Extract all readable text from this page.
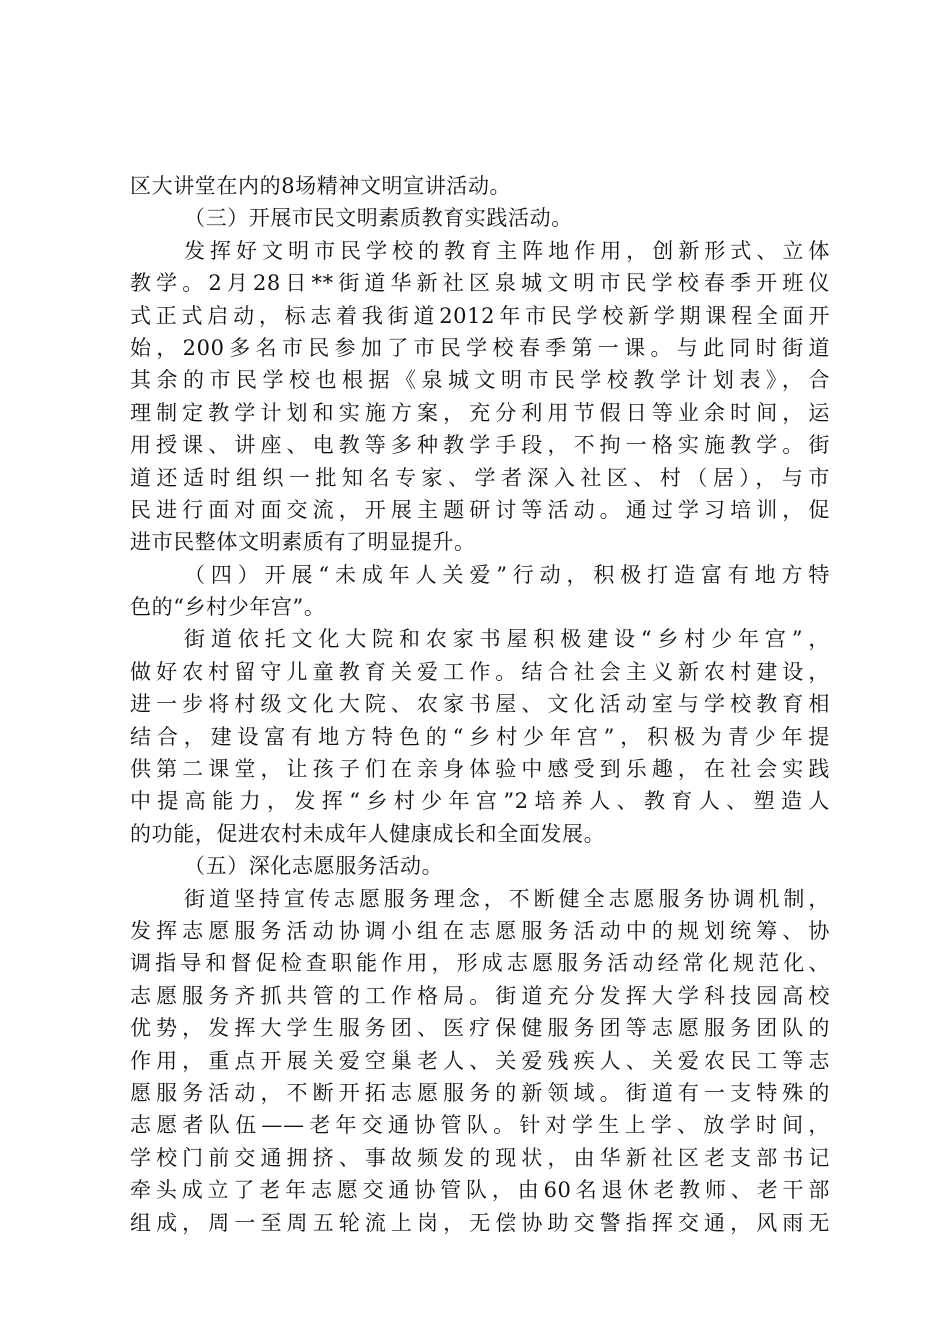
区大讲堂在内的8场精神文明宣讲活动。
（三）开展市民文明素质教育实践活动。
发挥好文明市民学校的教育主阵地作用，创新形式、立体
教学。2月28日**街道华新社区泉城文明市民学校春季开班仪
式正式启动，标志着我街道2012年市民学校新学期课程全面开
始，200多名市民参加了市民学校春季第一课。与此同时街道
其余的市民学校也根据《泉城文明市民学校教学计划表》，合
理制定教学计划和实施方案，充分利用节假日等业余时间，运
用授课、讲座、电教等多种教学手段，不拘一格实施教学。街
道还适时组织一批知名专家、学者深入社区、村（居），与市
民进行面对面交流，开展主题研讨等活动。通过学习培训，促
进市民整体文明素质有了明显提升。
（四）开展“未成年人关爱”行动，积极打造富有地方特
色的“乡村少年宫”。
街道依托文化大院和农家书屋积极建设“乡村少年宫”，
做好农村留守儿童教育关爱工作。结合社会主义新农村建设，
进一步将村级文化大院、农家书屋、文化活动室与学校教育相
结合，建设富有地方特色的“乡村少年宫”，积极为青少年提
供第二课堂，让孩子们在亲身体验中感受到乐趣，在社会实践
中提高能力，发挥“乡村少年宫”2培养人、教育人、塑造人
的功能，促进农村未成年人健康成长和全面发展。
（五）深化志愿服务活动。
街道坚持宣传志愿服务理念，不断健全志愿服务协调机制，
发挥志愿服务活动协调小组在志愿服务活动中的规划统筹、协
调指导和督促检查职能作用，形成志愿服务活动经常化规范化、
志愿服务齐抓共管的工作格局。街道充分发挥大学科技园高校
优势，发挥大学生服务团、医疗保健服务团等志愿服务团队的
作用，重点开展关爱空巢老人、关爱残疾人、关爱农民工等志
愿服务活动，不断开拓志愿服务的新领域。街道有一支特殊的
志愿者队伍——老年交通协管队。针对学生上学、放学时间，
学校门前交通拥挤、事故频发的现状，由华新社区老支部书记
牵头成立了老年志愿交通协管队，由60名退休老教师、老干部
组成，周一至周五轮流上岗，无偿协助交警指挥交通，风雨无
